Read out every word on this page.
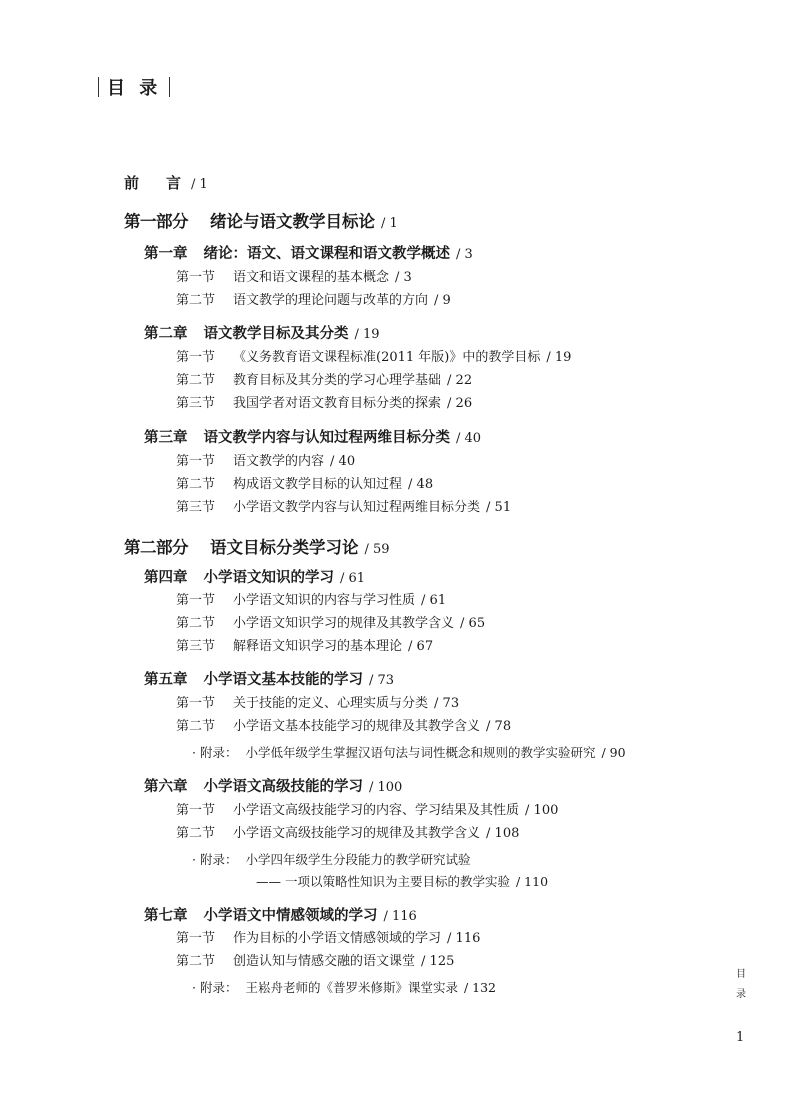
目 录
前　言 / 1
第一部分 绪论与语文教学目标论	/ 1
第一章 绪论：语文、语文课程和语文教学概述	/ 3
第一节 语文和语文课程的基本概念	/ 3
第二节 语文教学的理论问题与改革的方向	/ 9
第二章 语文教学目标及其分类	/ 19
第一节 《义务教育语文课程标准(2011 年版)》中的教学目标	/ 19
第二节 教育目标及其分类的学习心理学基础	/ 22
第三节 我国学者对语文教育目标分类的探索	/ 26
第三章 语文教学内容与认知过程两维目标分类	/ 40
第一节 语文教学的内容	/ 40
第二节 构成语文教学目标的认知过程	/ 48
第三节 小学语文教学内容与认知过程两维目标分类	/ 51
第二部分 语文目标分类学习论	/ 59
第四章 小学语文知识的学习	/ 61
第一节 小学语文知识的内容与学习性质	/ 61
第二节 小学语文知识学习的规律及其教学含义	/ 65
第三节 解释语文知识学习的基本理论	/ 67
第五章 小学语文基本技能的学习	/ 73
第一节 关于技能的定义、心理实质与分类	/ 73
第二节 小学语文基本技能学习的规律及其教学含义	/ 78
· 附录： 小学低年级学生掌握汉语句法与词性概念和规则的教学实验研究	/ 90
第六章 小学语文高级技能的学习	/ 100
第一节 小学语文高级技能学习的内容、学习结果及其性质	/ 100
第二节 小学语文高级技能学习的规律及其教学含义	/ 108
· 附录： 小学四年级学生分段能力的教学研究试验
—— 一项以策略性知识为主要目标的教学实验	/ 110
第七章 小学语文中情感领域的学习	/ 116
第一节 作为目标的小学语文情感领域的学习	/ 116
第二节 创造认知与情感交融的语文课堂	/ 125
· 附录： 王崧舟老师的《普罗米修斯》课堂实录	/ 132
目
录
1
